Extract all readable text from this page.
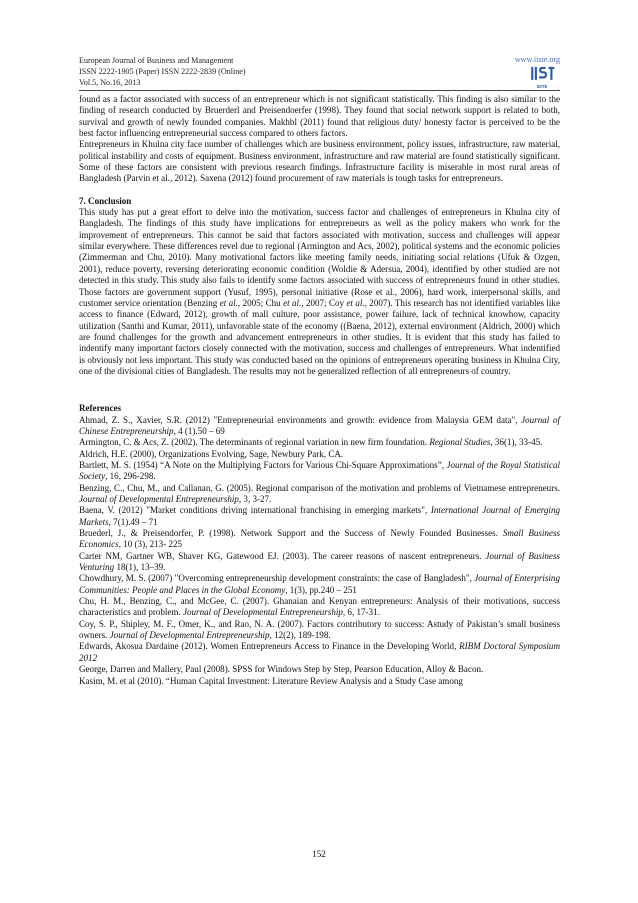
European Journal of Business and Management
ISSN 2222-1905 (Paper) ISSN 2222-2839 (Online)
Vol.5, No.16, 2013
www.iiste.org
IISTE

found as a factor associated with success of an entrepreneur which is not significant statistically. This finding is also similar to the finding of research conducted by Bruerderl and Preisendoerfer (1998). They found that social network support is related to both, survival and growth of newly founded companies. Makhbl (2011) found that religious duty/ honesty factor is perceived to be the best factor influencing entrepreneurial success compared to others factors.

Entrepreneurs in Khulna city face number of challenges which are business environment, policy issues, infrastructure, raw material, political instability and costs of equipment. Business environment, infrastructure and raw material are found statistically significant. Some of these factors are consistent with previous research findings. Infrastructure facility is miserable in most rural areas of Bangladesh (Parvin et al., 2012). Saxena (2012) found procurement of raw materials is tough tasks for entrepreneurs.

7. Conclusion

This study has put a great effort to delve into the motivation, success factor and challenges of entrepreneurs in Khulna city of Bangladesh. The findings of this study have implications for entrepreneurs as well as the policy makers who work for the improvement of entrepreneurs. This cannot be said that factors associated with motivation, success and challenges will appear similar everywhere. These differences revel due to regional (Armington and Acs, 2002), political systems and the economic policies (Zimmerman and Chu, 2010). Many motivational factors like meeting family needs, initiating social relations (Ufuk & Ozgen, 2001), reduce poverty, reversing deteriorating economic condition (Woldie & Adersua, 2004), identified by other studied are not detected in this study. This study also fails to identify some factors associated with success of entrepreneurs found in other studies. Those factors are government support (Yusuf, 1995), personal initiative (Rose et al., 2006), hard work, interpersonal skills, and customer service orientation (Benzing et al., 2005; Chu et al., 2007; Coy et al., 2007). This research has not identified variables like access to finance (Edward, 2012), growth of mall culture, poor assistance, power failure, lack of technical knowhow, capacity utilization (Santhi and Kumar, 2011), unfavorable state of the economy ((Baena, 2012), external environment (Aldrich, 2000) which are found challenges for the growth and advancement entrepreneurs in other studies. It is evident that this study has failed to indentify many important factors closely connected with the motivation, success and challenges of entrepreneurs. What indentified is obviously not less important. This study was conducted based on the opinions of entrepreneurs operating business in Khulna City, one of the divisional cities of Bangladesh. The results may not be generalized reflection of all entrepreneurs of country.

References

Ahmad, Z. S., Xavier, S.R. (2012) "Entrepreneurial environments and growth: evidence from Malaysia GEM data", Journal of Chinese Entrepreneurship, 4 (1).50 – 69

Armington, C. & Acs, Z. (2002). The determinants of regional variation in new firm foundation. Regional Studies, 36(1), 33-45.

Aldrich, H.E. (2000), Organizations Evolving, Sage, Newbury Park, CA.

Bartlett, M. S. (1954) “A Note on the Multiplying Factors for Various Chi-Square Approximations”, Journal of the Royal Statistical Society, 16, 296-298.

Benzing, C., Chu, M., and Callanan, G. (2005). Regional comparison of the motivation and problems of Vietnamese entrepreneurs. Journal of Developmental Entrepreneurship, 3, 3-27.

Baena, V. (2012) "Market conditions driving international franchising in emerging markets", International Journal of Emerging Markets, 7(1).49 – 71

Bruederl, J., & Preisendorfer, P. (1998). Network Support and the Success of Newly Founded Businesses. Small Business Economics, 10 (3), 213- 225

Carter NM, Gartner WB, Shaver KG, Gatewood EJ. (2003). The career reasons of nascent entrepreneurs. Journal of Business Venturing 18(1), 13–39.

Chowdhury, M. S. (2007) "Overcoming entrepreneurship development constraints: the case of Bangladesh", Journal of Enterprising Communities: People and Places in the Global Economy, 1(3), pp.240 – 251

Chu, H. M., Benzing, C., and McGee, C. (2007). Ghanaian and Kenyan entrepreneurs: Analysis of their motivations, success characteristics and problem. Journal of Developmental Entrepreneurship, 6, 17-31.

Coy, S. P., Shipley, M. F., Omer, K., and Rao, N. A. (2007). Factors contributory to success: Astudy of Pakistan’s small business owners. Journal of Developmental Entrepreneurship, 12(2), 189-198.

Edwards, Akosua Dardaine (2012). Women Entrepreneurs Access to Finance in the Developing World, RIBM Doctoral Symposium 2012

George, Darren and Mallery, Paul (2008). SPSS for Windows Step by Step, Pearson Education, Alloy & Bacon.

Kasim, M. et al (2010). “Human Capital Investment: Literature Review Analysis and a Study Case among

152
